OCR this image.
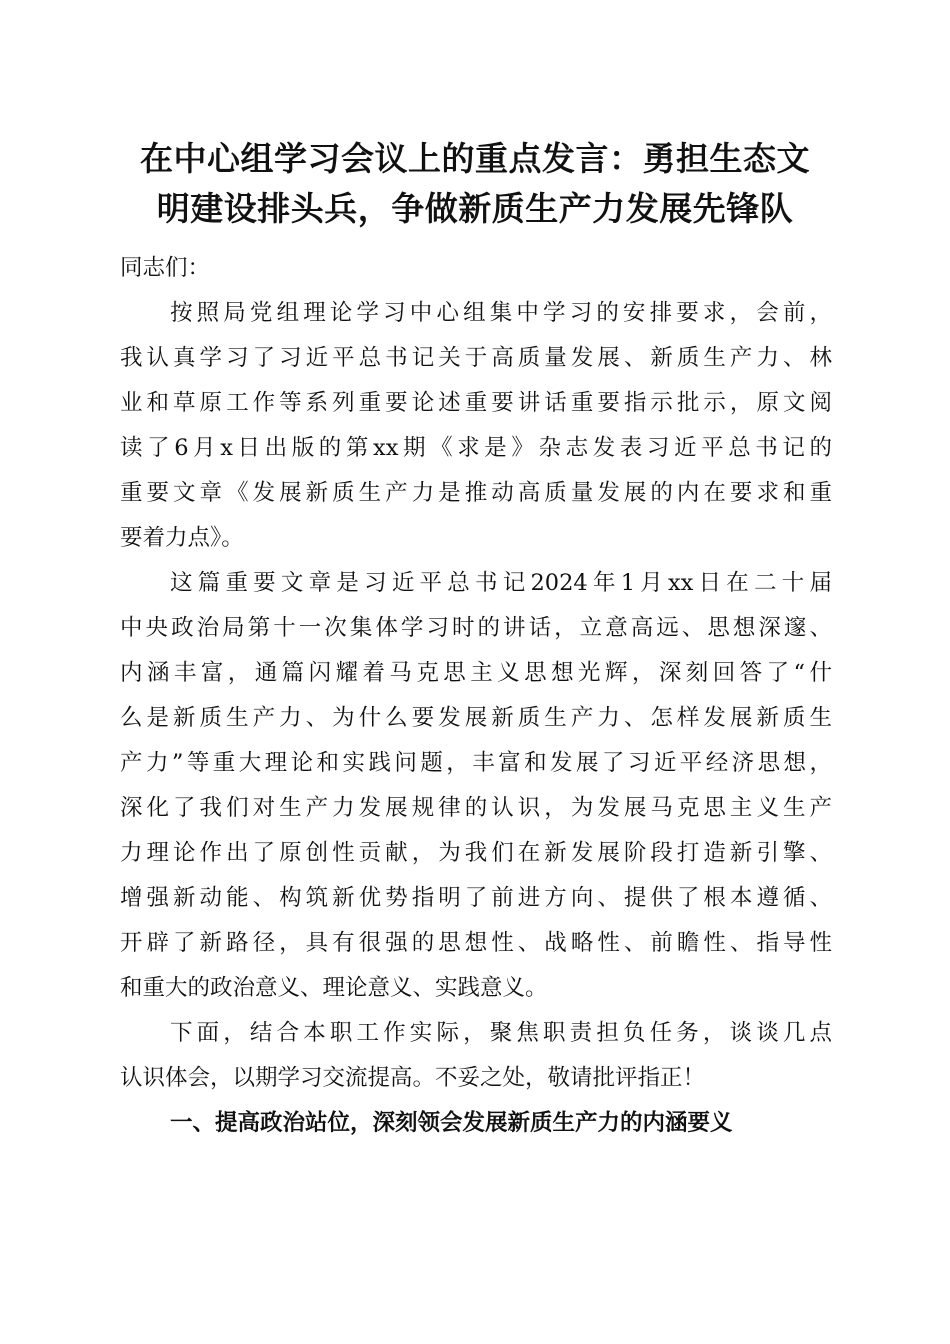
在中心组学习会议上的重点发言：勇担生态文
明建设排头兵，争做新质生产力发展先锋队
同志们：
按照局党组理论学习中心组集中学习的安排要求，会前，
我认真学习了习近平总书记关于高质量发展、新质生产力、林
业和草原工作等系列重要论述重要讲话重要指示批示，原文阅
读了6月x日出版的第xx期《求是》杂志发表习近平总书记的
重要文章《发展新质生产力是推动高质量发展的内在要求和重
要着力点》。
这篇重要文章是习近平总书记2024年1月xx日在二十届
中央政治局第十一次集体学习时的讲话，立意高远、思想深邃、
内涵丰富，通篇闪耀着马克思主义思想光辉，深刻回答了“什
么是新质生产力、为什么要发展新质生产力、怎样发展新质生
产力”等重大理论和实践问题，丰富和发展了习近平经济思想，
深化了我们对生产力发展规律的认识，为发展马克思主义生产
力理论作出了原创性贡献，为我们在新发展阶段打造新引擎、
增强新动能、构筑新优势指明了前进方向、提供了根本遵循、
开辟了新路径，具有很强的思想性、战略性、前瞻性、指导性
和重大的政治意义、理论意义、实践意义。
下面，结合本职工作实际，聚焦职责担负任务，谈谈几点
认识体会，以期学习交流提高。不妥之处，敬请批评指正！
一、提高政治站位，深刻领会发展新质生产力的内涵要义
